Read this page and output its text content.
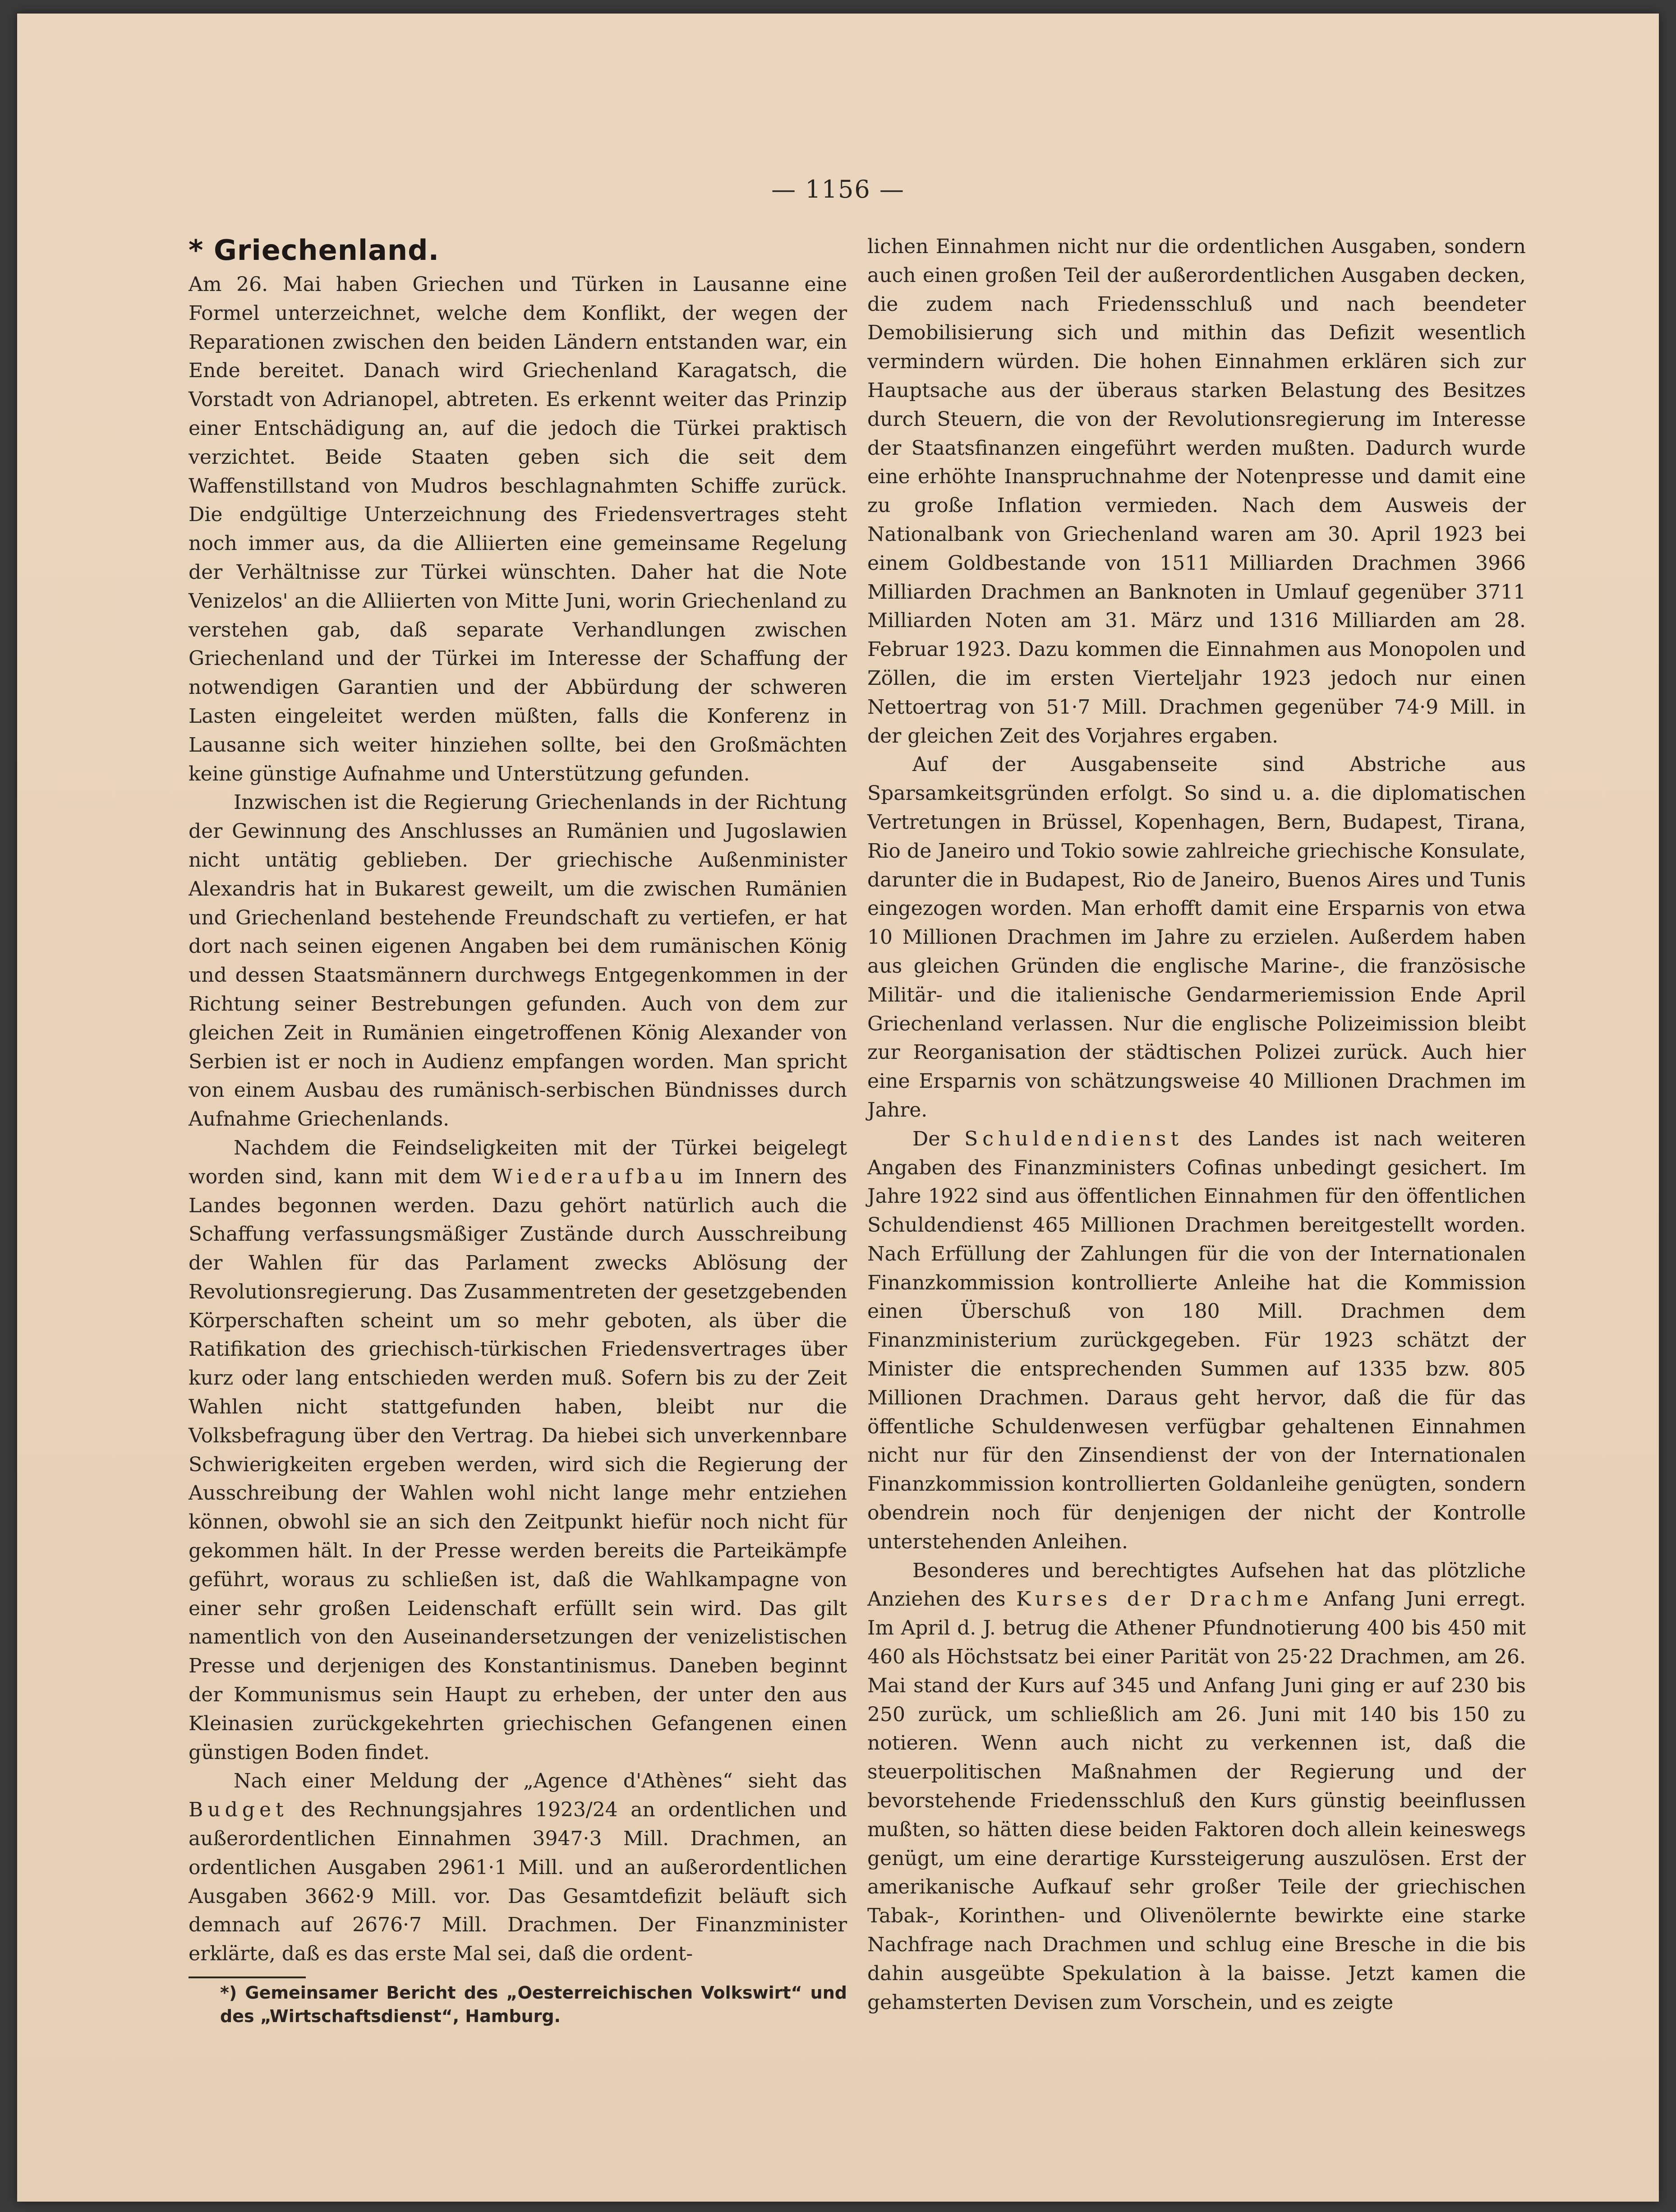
— 1156 —
* Griechenland.

Am 26. Mai haben Griechen und Türken in Lausanne eine Formel unterzeichnet, welche dem Konflikt, der wegen der Reparationen zwischen den beiden Ländern entstanden war, ein Ende bereitet. Danach wird Griechenland Karagatsch, die Vorstadt von Adrianopel, abtreten. Es erkennt weiter das Prinzip einer Entschädigung an, auf die jedoch die Türkei praktisch verzichtet. Beide Staaten geben sich die seit dem Waffenstillstand von Mudros beschlagnahmten Schiffe zurück. Die endgültige Unterzeichnung des Friedensvertrages steht noch immer aus, da die Alliierten eine gemeinsame Regelung der Verhältnisse zur Türkei wünschten. Daher hat die Note Venizelos' an die Alliierten von Mitte Juni, worin Griechenland zu verstehen gab, daß separate Verhandlungen zwischen Griechenland und der Türkei im Interesse der Schaffung der notwendigen Garantien und der Abbürdung der schweren Lasten eingeleitet werden müßten, falls die Konferenz in Lausanne sich weiter hinziehen sollte, bei den Großmächten keine günstige Aufnahme und Unterstützung gefunden.

Inzwischen ist die Regierung Griechenlands in der Richtung der Gewinnung des Anschlusses an Rumänien und Jugoslawien nicht untätig geblieben. Der griechische Außenminister Alexandris hat in Bukarest geweilt, um die zwischen Rumänien und Griechenland bestehende Freundschaft zu vertiefen, er hat dort nach seinen eigenen Angaben bei dem rumänischen König und dessen Staatsmännern durchwegs Entgegenkommen in der Richtung seiner Bestrebungen gefunden. Auch von dem zur gleichen Zeit in Rumänien eingetroffenen König Alexander von Serbien ist er noch in Audienz empfangen worden. Man spricht von einem Ausbau des rumänisch-serbischen Bündnisses durch Aufnahme Griechenlands.

Nachdem die Feindseligkeiten mit der Türkei beigelegt worden sind, kann mit dem Wiederaufbau im Innern des Landes begonnen werden. Dazu gehört natürlich auch die Schaffung verfassungsmäßiger Zustände durch Ausschreibung der Wahlen für das Parlament zwecks Ablösung der Revolutionsregierung. Das Zusammentreten der gesetzgebenden Körperschaften scheint um so mehr geboten, als über die Ratifikation des griechisch-türkischen Friedensvertrages über kurz oder lang entschieden werden muß. Sofern bis zu der Zeit Wahlen nicht stattgefunden haben, bleibt nur die Volksbefragung über den Vertrag. Da hiebei sich unverkennbare Schwierigkeiten ergeben werden, wird sich die Regierung der Ausschreibung der Wahlen wohl nicht lange mehr entziehen können, obwohl sie an sich den Zeitpunkt hiefür noch nicht für gekommen hält. In der Presse werden bereits die Parteikämpfe geführt, woraus zu schließen ist, daß die Wahlkampagne von einer sehr großen Leidenschaft erfüllt sein wird. Das gilt namentlich von den Auseinandersetzungen der venizelistischen Presse und derjenigen des Konstantinismus. Daneben beginnt der Kommunismus sein Haupt zu erheben, der unter den aus Kleinasien zurückgekehrten griechischen Gefangenen einen günstigen Boden findet.

Nach einer Meldung der „Agence d'Athènes“ sieht das Budget des Rechnungsjahres 1923/24 an ordentlichen und außerordentlichen Einnahmen 3947·3 Mill. Drachmen, an ordentlichen Ausgaben 2961·1 Mill. und an außerordentlichen Ausgaben 3662·9 Mill. vor. Das Gesamtdefizit beläuft sich demnach auf 2676·7 Mill. Drachmen. Der Finanzminister erklärte, daß es das erste Mal sei, daß die ordent-

*) Gemeinsamer Bericht des „Oesterreichischen Volkswirt“ und des „Wirtschaftsdienst“, Hamburg.

lichen Einnahmen nicht nur die ordentlichen Ausgaben, sondern auch einen großen Teil der außerordentlichen Ausgaben decken, die zudem nach Friedensschluß und nach beendeter Demobilisierung sich und mithin das Defizit wesentlich vermindern würden. Die hohen Einnahmen erklären sich zur Hauptsache aus der überaus starken Belastung des Besitzes durch Steuern, die von der Revolutionsregierung im Interesse der Staatsfinanzen eingeführt werden mußten. Dadurch wurde eine erhöhte Inanspruchnahme der Notenpresse und damit eine zu große Inflation vermieden. Nach dem Ausweis der Nationalbank von Griechenland waren am 30. April 1923 bei einem Goldbestande von 1511 Milliarden Drachmen 3966 Milliarden Drachmen an Banknoten in Umlauf gegenüber 3711 Milliarden Noten am 31. März und 1316 Milliarden am 28. Februar 1923. Dazu kommen die Einnahmen aus Monopolen und Zöllen, die im ersten Vierteljahr 1923 jedoch nur einen Nettoertrag von 51·7 Mill. Drachmen gegenüber 74·9 Mill. in der gleichen Zeit des Vorjahres ergaben.

Auf der Ausgabenseite sind Abstriche aus Sparsamkeitsgründen erfolgt. So sind u. a. die diplomatischen Vertretungen in Brüssel, Kopenhagen, Bern, Budapest, Tirana, Rio de Janeiro und Tokio sowie zahlreiche griechische Konsulate, darunter die in Budapest, Rio de Janeiro, Buenos Aires und Tunis eingezogen worden. Man erhofft damit eine Ersparnis von etwa 10 Millionen Drachmen im Jahre zu erzielen. Außerdem haben aus gleichen Gründen die englische Marine-, die französische Militär- und die italienische Gendarmeriemission Ende April Griechenland verlassen. Nur die englische Polizeimission bleibt zur Reorganisation der städtischen Polizei zurück. Auch hier eine Ersparnis von schätzungsweise 40 Millionen Drachmen im Jahre.

Der Schuldendienst des Landes ist nach weiteren Angaben des Finanzministers Cofinas unbedingt gesichert. Im Jahre 1922 sind aus öffentlichen Einnahmen für den öffentlichen Schuldendienst 465 Millionen Drachmen bereitgestellt worden. Nach Erfüllung der Zahlungen für die von der Internationalen Finanzkommission kontrollierte Anleihe hat die Kommission einen Überschuß von 180 Mill. Drachmen dem Finanzministerium zurückgegeben. Für 1923 schätzt der Minister die entsprechenden Summen auf 1335 bzw. 805 Millionen Drachmen. Daraus geht hervor, daß die für das öffentliche Schuldenwesen verfügbar gehaltenen Einnahmen nicht nur für den Zinsendienst der von der Internationalen Finanzkommission kontrollierten Goldanleihe genügten, sondern obendrein noch für denjenigen der nicht der Kontrolle unterstehenden Anleihen.

Besonderes und berechtigtes Aufsehen hat das plötzliche Anziehen des Kurses der Drachme Anfang Juni erregt. Im April d. J. betrug die Athener Pfundnotierung 400 bis 450 mit 460 als Höchstsatz bei einer Parität von 25·22 Drachmen, am 26. Mai stand der Kurs auf 345 und Anfang Juni ging er auf 230 bis 250 zurück, um schließlich am 26. Juni mit 140 bis 150 zu notieren. Wenn auch nicht zu verkennen ist, daß die steuerpolitischen Maßnahmen der Regierung und der bevorstehende Friedensschluß den Kurs günstig beeinflussen mußten, so hätten diese beiden Faktoren doch allein keineswegs genügt, um eine derartige Kurssteigerung auszulösen. Erst der amerikanische Aufkauf sehr großer Teile der griechischen Tabak-, Korinthen- und Olivenölernte bewirkte eine starke Nachfrage nach Drachmen und schlug eine Bresche in die bis dahin ausgeübte Spekulation à la baisse. Jetzt kamen die gehamsterten Devisen zum Vorschein, und es zeigte
